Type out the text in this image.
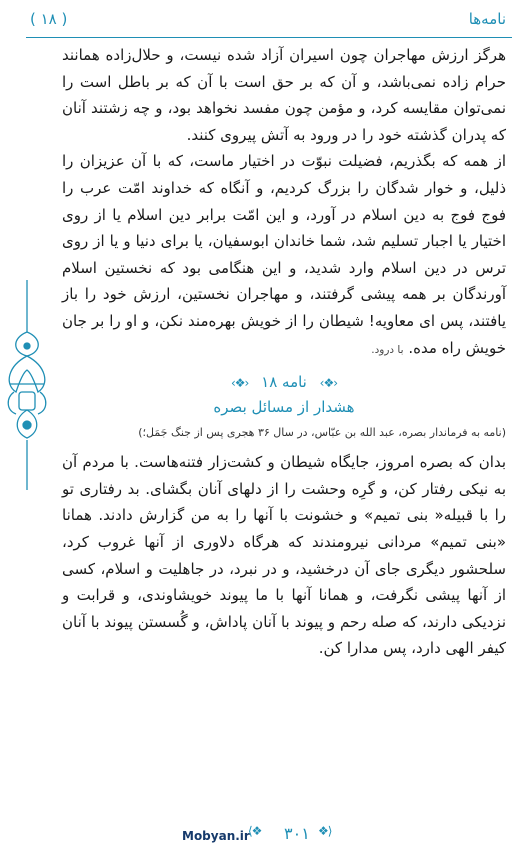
نامه‌ها
( ۱۸ )

هرگز ارزش مهاجران چون اسیران آزاد شده نیست، و حلال‌زاده همانند حرام زاده نمی‌باشد، و آن که بر حق است با آن که بر باطل است را نمی‌توان مقایسه کرد، و مؤمن چون مفسد نخواهد بود، و چه زشتند آنان که پدران گذشته خود را در ورود به آتش پیروی کنند.

از همه که بگذریم، فضیلت نبوّت در اختیار ماست، که با آن عزیزان را ذلیل، و خوار شدگان را بزرگ کردیم، و آنگاه که خداوند امّت عرب را فوج فوج به دین اسلام در آورد، و این امّت برابر دین اسلام یا از روی اختیار یا اجبار تسلیم شد، شما خاندان ابوسفیان، یا برای دنیا و یا از روی ترس در دین اسلام وارد شدید، و این هنگامی بود که نخستین اسلام آورندگان بر همه پیشی گرفتند، و مهاجران نخستین، ارزش خود را باز یافتند، پس ای معاویه! شیطان را از خویش بهره‌مند نکن، و او را بر جان خویش راه مده. با درود.

‹❖› نامه ۱۸ ‹❖›
هشدار از مسائل بصره
(نامه به فرماندار بصره، عبد الله بن عبّاس، در سال ۳۶ هجری پس از جنگ جَمَل؛)

بدان که بصره امروز، جایگاه شیطان و کشت‌زار فتنه‌هاست. با مردم آن به نیکی رفتار کن، و گرِه وحشت را از دلهای آنان بگشای. بد رفتاری تو را با قبیله« بنی تمیم» و خشونت با آنها را به من گزارش دادند. همانا «بنی تمیم» مردانی نیرومندند که هرگاه دلاوری از آنها غروب کرد، سلحشور دیگری جای آن درخشید، و در نبرد، در جاهلیت و اسلام، کسی از آنها پیشی نگرفت، و همانا آنها با ما پیوند خویشاوندی، و قرابت و نزدیکی دارند، که صله رحم و پیوند با آنان پاداش، و گُسستن پیوند با آنان کیفر الهی دارد، پس مدارا کن.

Mobyan.ir
⟨❖ ۳۰۱ ❖⟩
